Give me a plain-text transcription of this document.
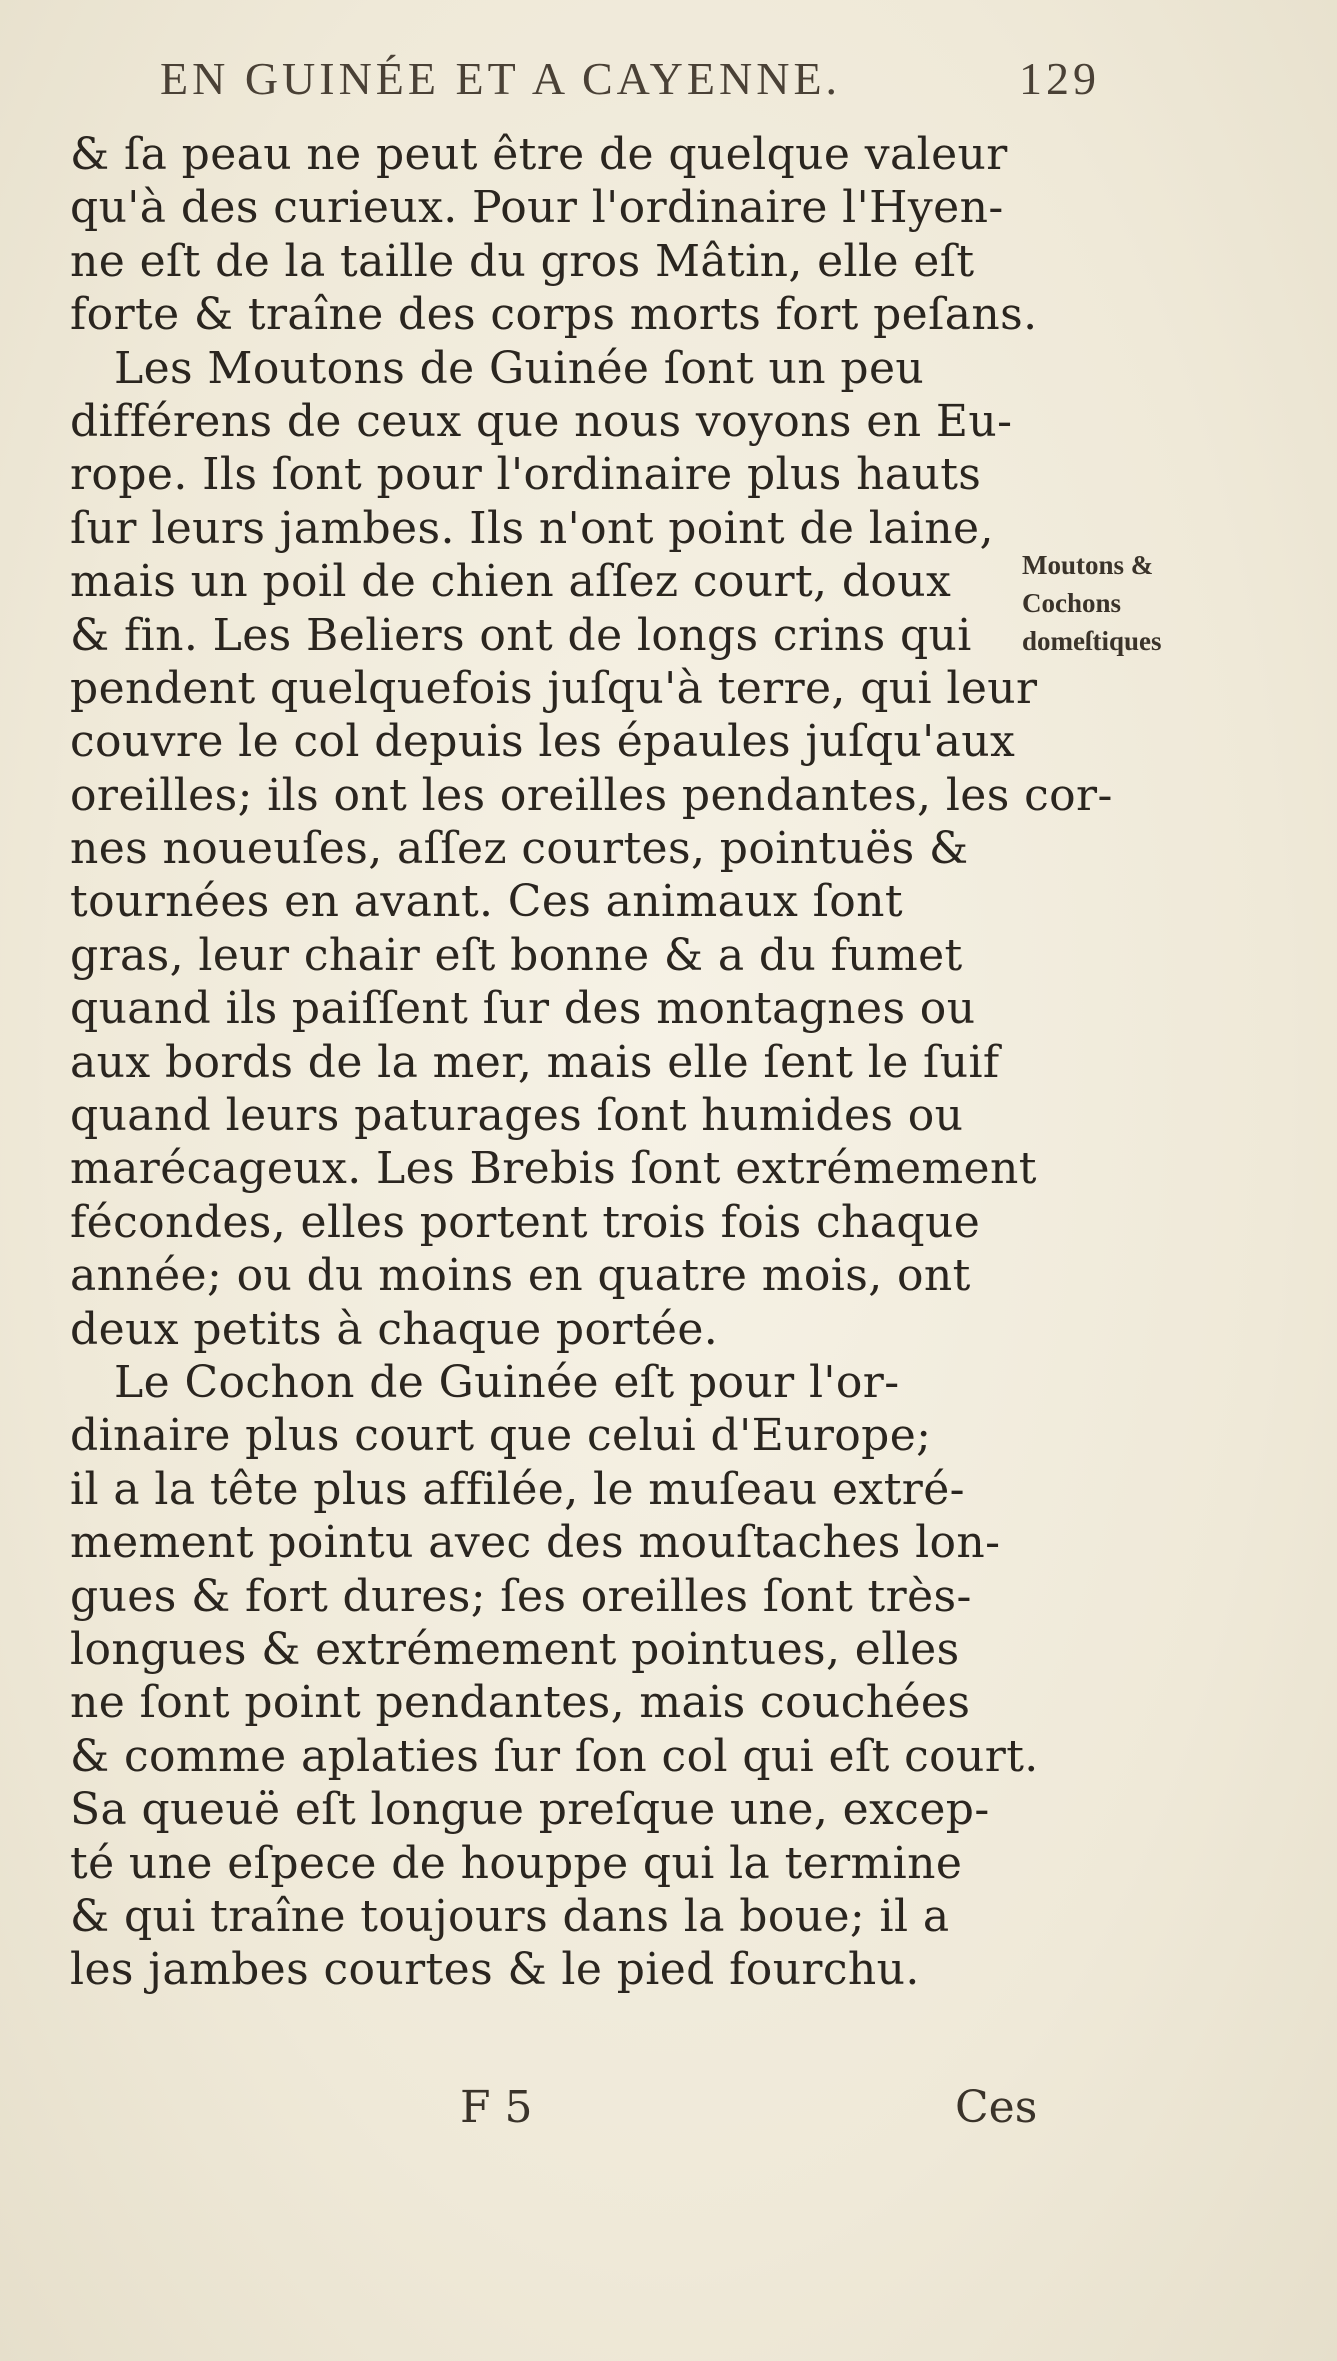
EN GUINÉE ET A CAYENNE.	129
& ſa peau ne peut être de quelque valeur
qu'à des curieux. Pour l'ordinaire l'Hyen-
ne eſt de la taille du gros Mâtin, elle eſt
forte & traîne des corps morts fort peſans.
Les Moutons de Guinée ſont un peu
différens de ceux que nous voyons en Eu-
rope. Ils ſont pour l'ordinaire plus hauts
ſur leurs jambes. Ils n'ont point de laine,
mais un poil de chien aſſez court, doux
& fin. Les Beliers ont de longs crins qui
pendent quelquefois juſqu'à terre, qui leur
couvre le col depuis les épaules juſqu'aux
oreilles; ils ont les oreilles pendantes, les cor-
nes noueuſes, aſſez courtes, pointuës &
tournées en avant. Ces animaux ſont
gras, leur chair eſt bonne & a du fumet
quand ils paiſſent ſur des montagnes ou
aux bords de la mer, mais elle ſent le ſuif
quand leurs paturages ſont humides ou
marécageux. Les Brebis ſont extrémement
fécondes, elles portent trois fois chaque
année; ou du moins en quatre mois, ont
deux petits à chaque portée.
Le Cochon de Guinée eſt pour l'or-
dinaire plus court que celui d'Europe;
il a la tête plus affilée, le muſeau extré-
mement pointu avec des mouſtaches lon-
gues & fort dures; ſes oreilles ſont très-
longues & extrémement pointues, elles
ne ſont point pendantes, mais couchées
& comme aplaties ſur ſon col qui eſt court.
Sa queuë eſt longue preſque une, excep-
té une eſpece de houppe qui la termine
& qui traîne toujours dans la boue; il a
les jambes courtes & le pied fourchu.
Moutons &
Cochons
domeſtiques
F 5	Ces
